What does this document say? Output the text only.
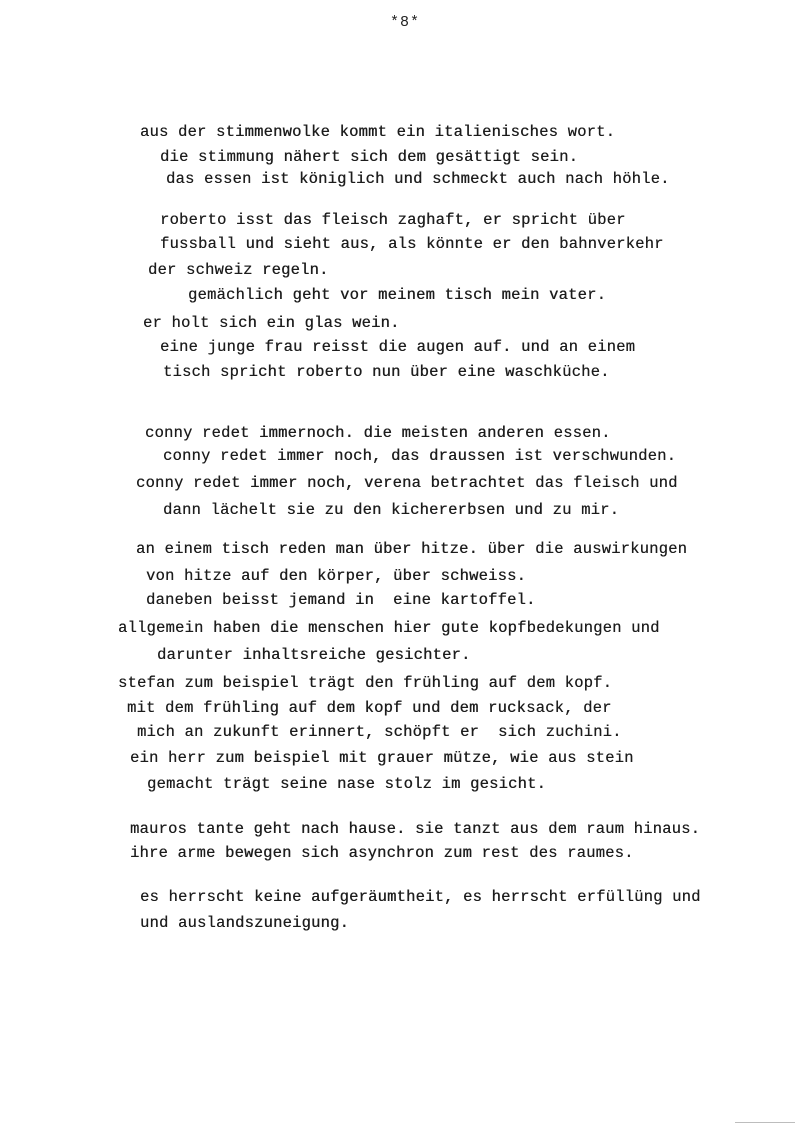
*8*
aus der stimmenwolke kommt ein italienisches wort.
die stimmung nähert sich dem gesättigt sein.
das essen ist königlich und schmeckt auch nach höhle.
roberto isst das fleisch zaghaft, er spricht über
fussball und sieht aus, als könnte er den bahnverkehr
der schweiz regeln.
gemächlich geht vor meinem tisch mein vater.
er holt sich ein glas wein.
eine junge frau reisst die augen auf. und an einem
tisch spricht roberto nun über eine waschküche.
conny redet immernoch. die meisten anderen essen.
conny redet immer noch, das draussen ist verschwunden.
conny redet immer noch, verena betrachtet das fleisch und
dann lächelt sie zu den kichererbsen und zu mir.
an einem tisch reden man über hitze. über die auswirkungen
von hitze auf den körper, über schweiss.
daneben beisst jemand in  eine kartoffel.
allgemein haben die menschen hier gute kopfbedekungen und
darunter inhaltsreiche gesichter.
stefan zum beispiel trägt den frühling auf dem kopf.
mit dem frühling auf dem kopf und dem rucksack, der
mich an zukunft erinnert, schöpft er  sich zuchini.
ein herr zum beispiel mit grauer mütze, wie aus stein
gemacht trägt seine nase stolz im gesicht.
mauros tante geht nach hause. sie tanzt aus dem raum hinaus.
ihre arme bewegen sich asynchron zum rest des raumes.
es herrscht keine aufgeräumtheit, es herrscht erfüllüng und
und auslandszuneigung.
